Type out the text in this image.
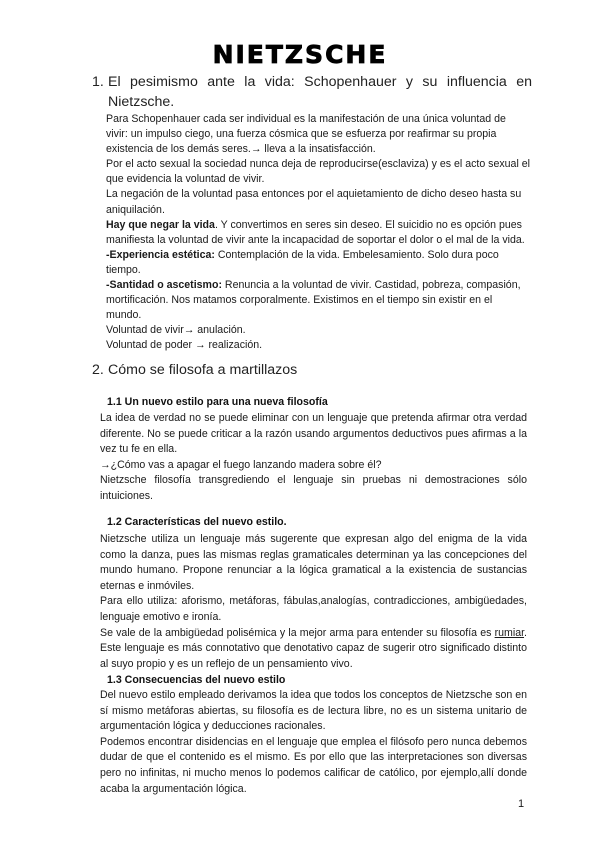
NIETZSCHE
1. El pesimismo ante la vida: Schopenhauer y su influencia en Nietzsche.

Para Schopenhauer cada ser individual es la manifestación de una única voluntad de vivir: un impulso ciego, una fuerza cósmica que se esfuerza por reafirmar su propia existencia de los demás seres.→ lleva a la insatisfacción.

Por el acto sexual la sociedad nunca deja de reproducirse(esclaviza) y es el acto sexual el que evidencia la voluntad de vivir.

La negación de la voluntad pasa entonces por el aquietamiento de dicho deseo hasta su aniquilación.

Hay que negar la vida. Y convertimos en seres sin deseo. El suicidio no es opción pues manifiesta la voluntad de vivir ante la incapacidad de soportar el dolor o el mal de la vida.

-Experiencia estética: Contemplación de la vida. Embelesamiento. Solo dura poco tiempo.

-Santidad o ascetismo: Renuncia a la voluntad de vivir. Castidad, pobreza, compasión, mortificación. Nos matamos corporalmente. Existimos en el tiempo sin existir en el mundo.

Voluntad de vivir→ anulación.

Voluntad de poder → realización.

2. Cómo se filosofa a martillazos
1.1 Un nuevo estilo para una nueva filosofía

La idea de verdad no se puede eliminar con un lenguaje que pretenda afirmar otra verdad diferente. No se puede criticar a la razón usando argumentos deductivos pues afirmas a la vez tu fe en ella.

→¿Cómo vas a apagar el fuego lanzando madera sobre él?

Nietzsche filosofía transgrediendo el lenguaje sin pruebas ni demostraciones sólo intuiciones.

1.2 Características del nuevo estilo.

Nietzsche utiliza un lenguaje más sugerente que expresan algo del enigma de la vida como la danza, pues las mismas reglas gramaticales determinan ya las concepciones del mundo humano. Propone renunciar a la lógica gramatical a la existencia de sustancias eternas e inmóviles.

Para ello utiliza: aforismo, metáforas, fábulas,analogías, contradicciones, ambigüedades, lenguaje emotivo e ironía.

Se vale de la ambigüedad polisémica y la mejor arma para entender su filosofía es rumiar. Este lenguaje es más connotativo que denotativo capaz de sugerir otro significado distinto al suyo propio y es un reflejo de un pensamiento vivo.

1.3 Consecuencias del nuevo estilo

Del nuevo estilo empleado derivamos la idea que todos los conceptos de Nietzsche son en sí mismo metáforas abiertas, su filosofía es de lectura libre, no es un sistema unitario de argumentación lógica y deducciones racionales.

Podemos encontrar disidencias en el lenguaje que emplea el filósofo pero nunca debemos dudar de que el contenido es el mismo. Es por ello que las interpretaciones son diversas pero no infinitas, ni mucho menos lo podemos calificar de católico, por ejemplo,allí donde acaba la argumentación lógica.

1
